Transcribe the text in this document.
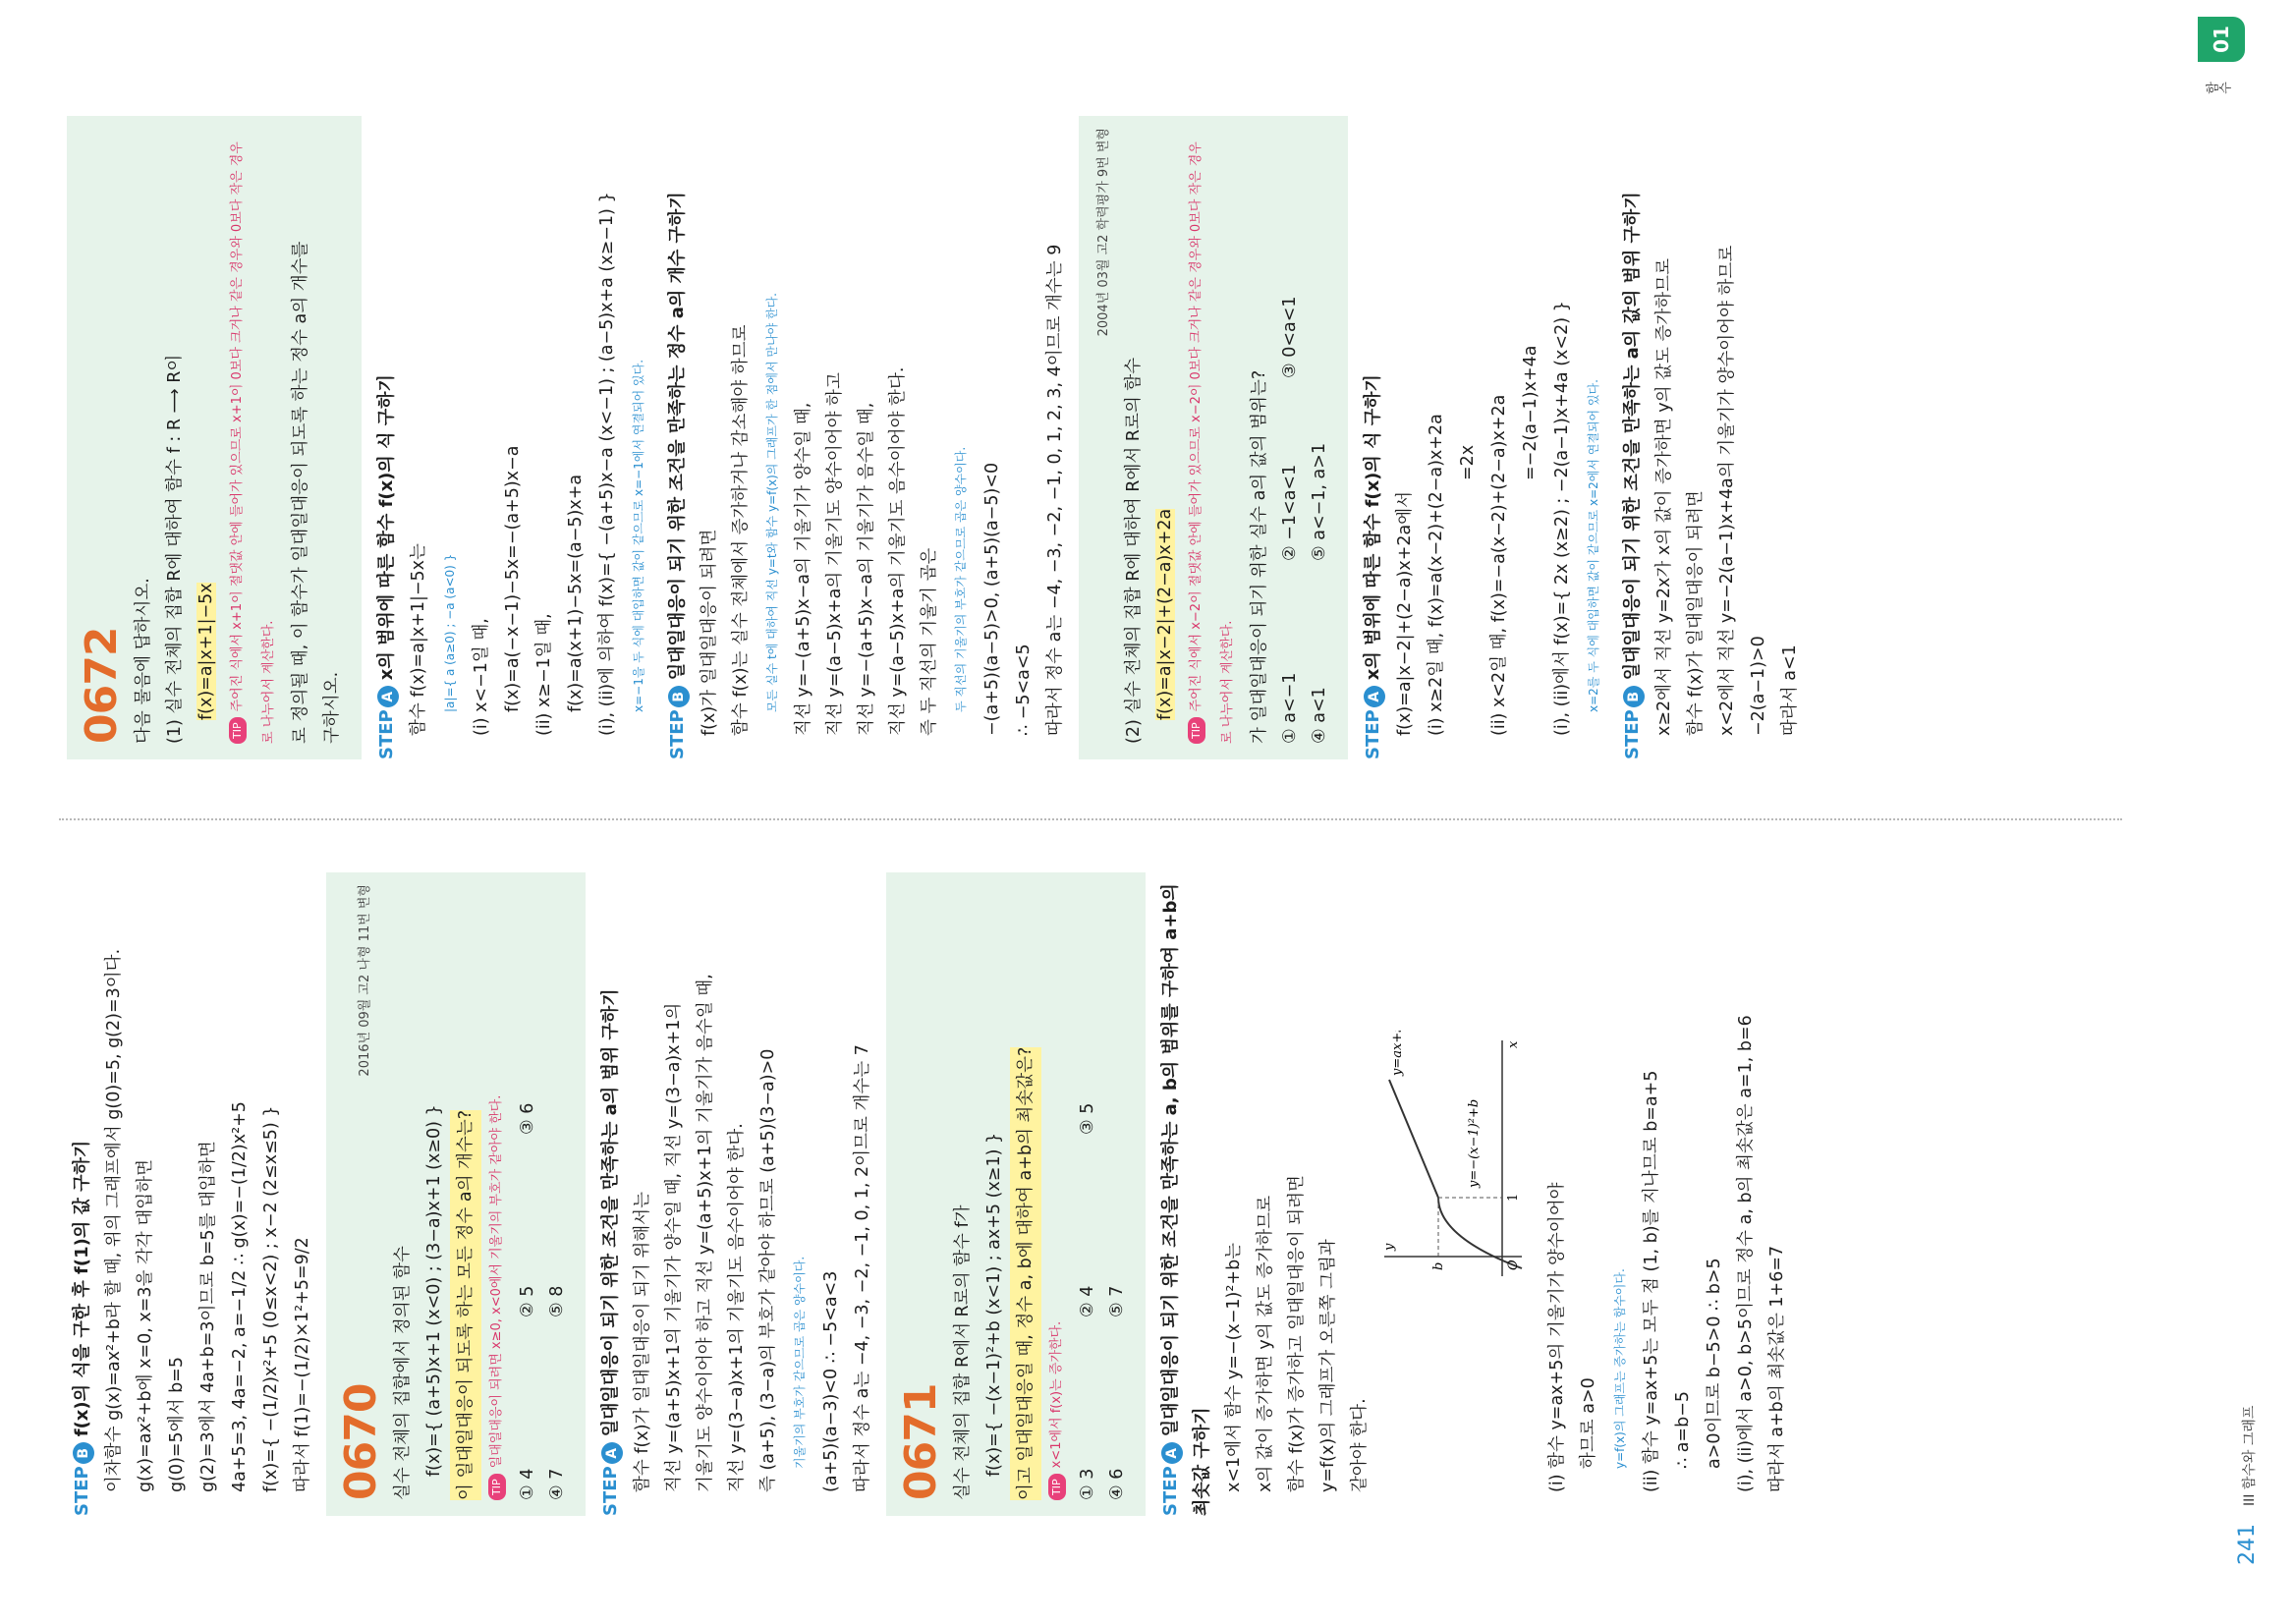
STEPBf(x)의 식을 구한 후 f(1)의 값 구하기 이차함수 g(x)=ax²+b라 할 때, 위의 그래프에서 g(0)=5, g(2)=3이다. g(x)=ax²+b에 x=0, x=3을 각각 대입하면 g(0)=5에서 b=5 g(2)=3에서 4a+b=3이므로 b=5를 대입하면 4a+5=3, 4a=−2, a=−1/2 ∴ g(x)=−(1/2)x²+5 f(x)={ −(1/2)x²+5 (0≤x<2) ; x−2 (2≤x≤5) } 따라서 f(1)=−(1/2)×1²+5=9/2 0670
2016년 09월 고2 나형 11번 변형
실수 전체의 집합에서 정의된 함수 f(x)={ (a+5)x+1 (x<0) ; (3−a)x+1 (x≥0) } 이 일대일대응이 되도록 하는 모든 정수 a의 개수는?	TIP일대일대응이 되려면 x≥0, x<0에서 기울기의 부호가 같아야 한다.
① 4
② 5
③ 6
④ 7
⑤ 8
STEPA일대일대응이 되기 위한 조건을 만족하는 a의 범위 구하기 함수 f(x)가 일대일대응이 되기 위해서는 직선 y=(a+5)x+1의 기울기가 양수일 때, 직선 y=(3−a)x+1의 기울기도 양수이어야 하고 직선 y=(a+5)x+1의 기울기가 음수일 때, 직선 y=(3−a)x+1의 기울기도 음수이어야 한다. 즉 (a+5), (3−a)의 부호가 같아야 하므로 (a+5)(3−a)>0	기울기의 부호가 같으므로 곱은 양수이다. (a+5)(a−3)<0 ∴ −5<a<3 따라서 정수 a는 −4, −3, −2, −1, 0, 1, 2이므로 개수는 7 0671 실수 전체의 집합 R에서 R로의 함수 f가 f(x)={ −(x−1)²+b (x<1) ; ax+5 (x≥1) } 이고 일대일대응일 때, 정수 a, b에 대하여 a+b의 최솟값은?	TIPx<1에서 f(x)는 증가한다.
① 3
② 4
③ 5
④ 6
⑤ 7
STEPA일대일대응이 되기 위한 조건을 만족하는 a, b의 범위를 구하여 a+b의 최솟값 구하기 x<1에서 함수 y=−(x−1)²+b는 x의 값이 증가하면 y의 값도 증가하므로 함수 f(x)가 증가하고 일대일대응이 되려면 y=f(x)의 그래프가 오른쪽 그림과 같아야 한다.
y=ax+5
y=−(x−1)²+b
b
1
x
y
O	(i) 함수 y=ax+5의 기울기가 양수이어야 하므로 a>0	y=f(x)의 그래프는 증가하는 함수이다. (ii) 함수 y=ax+5는 모두 점 (1, b)를 지나므로 b=a+5 ∴ a=b−5 a>0이므로 b−5>0 ∴ b>5 (i), (ii)에서 a>0, b>5이므로 정수 a, b의 최솟값은 a=1, b=6 따라서 a+b의 최솟값은 1+6=7
0672 다음 물음에 답하시오. (1) 실수 전체의 집합 R에 대하여 함수 f : R ⟶ R이 f(x)=a|x+1|−5x
TIP주어진 식에서 x+1이 절댓값 안에 들어가 있으므로 x+1이 0보다 크거나 같은 경우와 0보다 작은 경우로 나누어서 계산한다. 로 정의될 때, 이 함수가 일대일대응이 되도록 하는 정수 a의 개수를 구하시오.	STEPAx의 범위에 따른 함수 f(x)의 식 구하기 함수 f(x)=a|x+1|−5x는	|a|={ a (a≥0) ; −a (a<0) } (i) x<−1일 때, f(x)=a(−x−1)−5x=−(a+5)x−a (ii) x≥−1일 때, f(x)=a(x+1)−5x=(a−5)x+a (i), (ii)에 의하여 f(x)={ −(a+5)x−a (x<−1) ; (a−5)x+a (x≥−1) }	x=−1을 두 식에 대입하면 값이 같으므로 x=−1에서 연결되어 있다.
STEPB일대일대응이 되기 위한 조건을 만족하는 정수 a의 개수 구하기 f(x)가 일대일대응이 되려면 함수 f(x)는 실수 전체에서 증가하거나 감소해야 하므로	모든 실수 t에 대하여 직선 y=t와 함수 y=f(x)의 그래프가 한 점에서 만나야 한다. 직선 y=−(a+5)x−a의 기울기가 양수일 때, 직선 y=(a−5)x+a의 기울기도 양수이어야 하고 직선 y=−(a+5)x−a의 기울기가 음수일 때, 직선 y=(a−5)x+a의 기울기도 음수이어야 한다. 즉 두 직선의 기울기 곱은	두 직선의 기울기의 부호가 같으므로 곱은 양수이다. −(a+5)(a−5)>0, (a+5)(a−5)<0 ∴ −5<a<5 따라서 정수 a는 −4, −3, −2, −1, 0, 1, 2, 3, 4이므로 개수는 9
2004년 03월 고2 학력평가 9번 변형
(2) 실수 전체의 집합 R에 대하여 R에서 R로의 함수 f(x)=a|x−2|+(2−a)x+2a
TIP주어진 식에서 x−2이 절댓값 안에 들어가 있으므로 x−2이 0보다 크거나 같은 경우와 0보다 작은 경우로 나누어서 계산한다. 가 일대일대응이 되기 위한 실수 a의 값의 범위는? ① a<−1
② −1<a<1
③ 0<a<1
④ a<1
⑤ a<−1, a>1
STEPAx의 범위에 따른 함수 f(x)의 식 구하기 f(x)=a|x−2|+(2−a)x+2a에서 (i) x≥2일 때, f(x)=a(x−2)+(2−a)x+2a =2x (ii) x<2일 때, f(x)=−a(x−2)+(2−a)x+2a =−2(a−1)x+4a (i), (ii)에서 f(x)={ 2x (x≥2) ; −2(a−1)x+4a (x<2) }	x=2를 두 식에 대입하면 값이 같으므로 x=2에서 연결되어 있다.
STEPB일대일대응이 되기 위한 조건을 만족하는 a의 값의 범위 구하기 x≥2에서 직선 y=2x가 x의 값이 증가하면 y의 값도 증가하므로 함수 f(x)가 일대일대응이 되려면 x<2에서 직선 y=−2(a−1)x+4a의 기울기가 양수이어야 하므로 −2(a−1)>0 따라서 a<1
241
III 함수와 그래프
01
함수
